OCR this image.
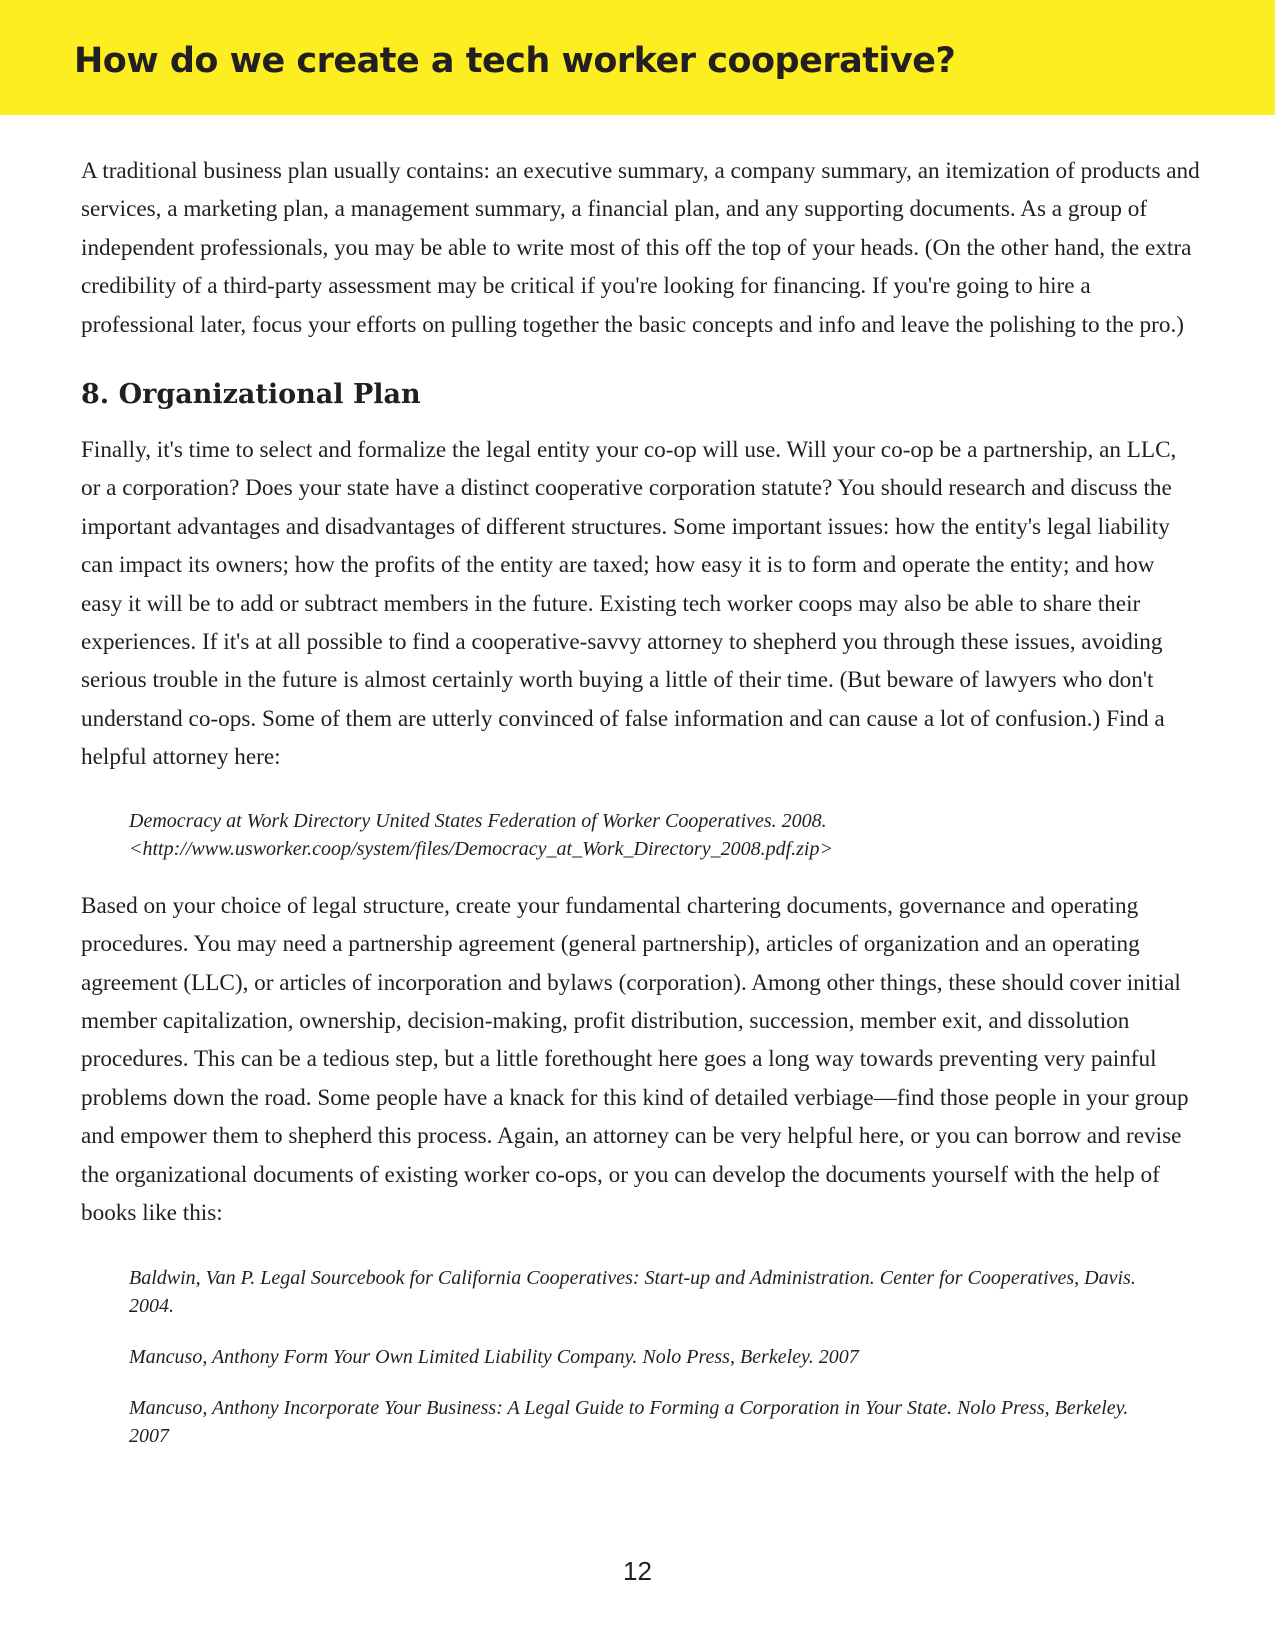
How do we create a tech worker cooperative?

A traditional business plan usually contains: an executive summary, a company summary, an itemization of products and services, a marketing plan, a management summary, a financial plan, and any supporting documents. As a group of independent professionals, you may be able to write most of this off the top of your heads. (On the other hand, the extra credibility of a third-party assessment may be critical if you're looking for financing. If you're going to hire a professional later, focus your efforts on pulling together the basic concepts and info and leave the polishing to the pro.)

8. Organizational Plan

Finally, it's time to select and formalize the legal entity your co-op will use. Will your co-op be a partnership, an LLC, or a corporation? Does your state have a distinct cooperative corporation statute? You should research and discuss the important advantages and disadvantages of different structures. Some important issues: how the entity's legal liability can impact its owners; how the profits of the entity are taxed; how easy it is to form and operate the entity; and how easy it will be to add or subtract members in the future. Existing tech worker coops may also be able to share their experiences. If it's at all possible to find a cooperative-savvy attorney to shepherd you through these issues, avoiding serious trouble in the future is almost certainly worth buying a little of their time. (But beware of lawyers who don't understand co-ops. Some of them are utterly convinced of false information and can cause a lot of confusion.) Find a helpful attorney here:

Democracy at Work Directory United States Federation of Worker Cooperatives. 2008. <http://www.usworker.coop/system/files/Democracy_at_Work_Directory_2008.pdf.zip>

Based on your choice of legal structure, create your fundamental chartering documents, governance and operating procedures. You may need a partnership agreement (general partnership), articles of organization and an operating agreement (LLC), or articles of incorporation and bylaws (corporation). Among other things, these should cover initial member capitalization, ownership, decision-making, profit distribution, succession, member exit, and dissolution procedures. This can be a tedious step, but a little forethought here goes a long way towards preventing very painful problems down the road. Some people have a knack for this kind of detailed verbiage—find those people in your group and empower them to shepherd this process. Again, an attorney can be very helpful here, or you can borrow and revise the organizational documents of existing worker co-ops, or you can develop the documents yourself with the help of books like this:

Baldwin, Van P. Legal Sourcebook for California Cooperatives: Start-up and Administration. Center for Cooperatives, Davis. 2004.

Mancuso, Anthony Form Your Own Limited Liability Company. Nolo Press, Berkeley. 2007

Mancuso, Anthony Incorporate Your Business: A Legal Guide to Forming a Corporation in Your State. Nolo Press, Berkeley. 2007

12
